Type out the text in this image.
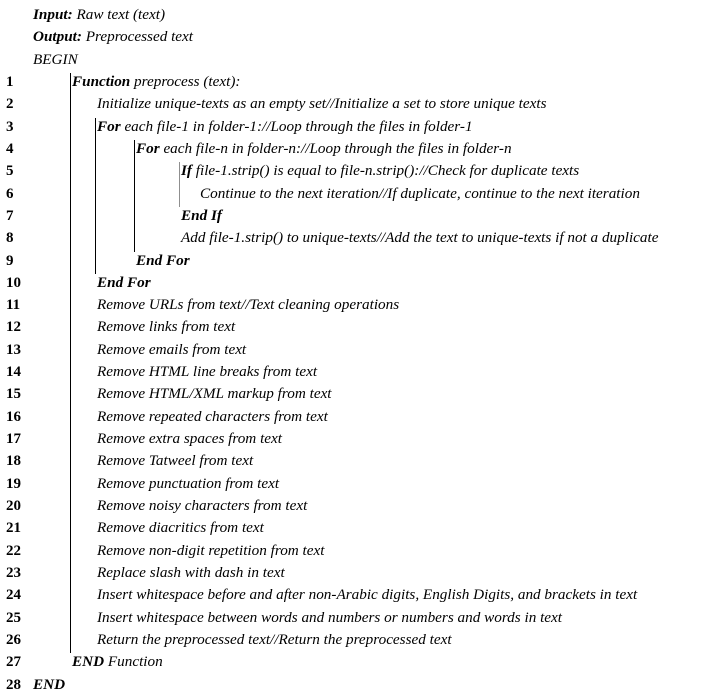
Input: Raw text (text)
Output: Preprocessed text
BEGIN
1	Function preprocess (text):
2	Initialize unique-texts as an empty set//Initialize a set to store unique texts
3	For each file-1 in folder-1://Loop through the files in folder-1
4	For each file-n in folder-n://Loop through the files in folder-n
5	If file-1.strip() is equal to file-n.strip()://Check for duplicate texts
6	Continue to the next iteration//If duplicate, continue to the next iteration
7	End If
8	Add file-1.strip() to unique-texts//Add the text to unique-texts if not a duplicate
9	End For
10	End For
11	Remove URLs from text//Text cleaning operations
12	Remove links from text
13	Remove emails from text
14	Remove HTML line breaks from text
15	Remove HTML/XML markup from text
16	Remove repeated characters from text
17	Remove extra spaces from text
18	Remove Tatweel from text
19	Remove punctuation from text
20	Remove noisy characters from text
21	Remove diacritics from text
22	Remove non-digit repetition from text
23	Replace slash with dash in text
24	Insert whitespace before and after non-Arabic digits, English Digits, and brackets in text
25	Insert whitespace between words and numbers or numbers and words in text
26	Return the preprocessed text//Return the preprocessed text
27	END Function
28 END
